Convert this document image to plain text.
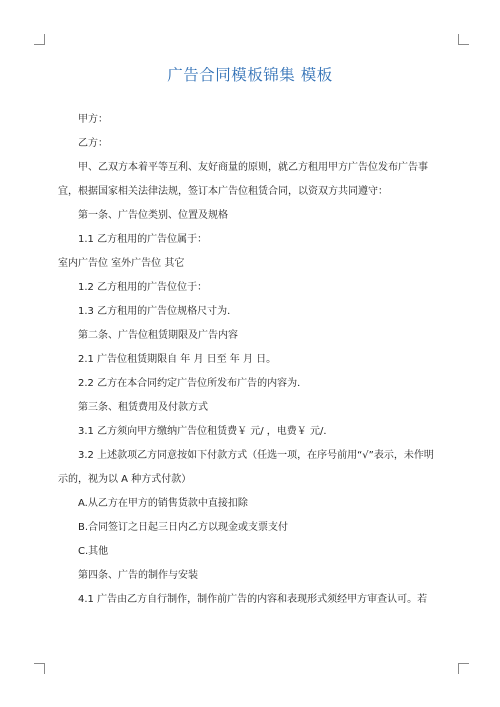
广告合同模板锦集 模板
甲方：
乙方：
甲、乙双方本着平等互利、友好商量的原则，就乙方租用甲方广告位发布广告事
宜，根据国家相关法律法规，签订本广告位租赁合同，以资双方共同遵守：
第一条、广告位类别、位置及规格
1.1 乙方租用的广告位属于：
室内广告位 室外广告位 其它
1.2 乙方租用的广告位位于：
1.3 乙方租用的广告位规格尺寸为．
第二条、广告位租赁期限及广告内容
2.1 广告位租赁期限自 年 月 日至 年 月 日。
2.2 乙方在本合同约定广告位所发布广告的内容为．
第三条、租赁费用及付款方式
3.1 乙方须向甲方缴纳广告位租赁费￥ 元/ ，电费￥ 元/．
3.2 上述款项乙方同意按如下付款方式（任选一项，在序号前用“√”表示，未作明
示的，视为以 A 种方式付款）
A.从乙方在甲方的销售货款中直接扣除
B.合同签订之日起三日内乙方以现金或支票支付
C.其他
第四条、广告的制作与安装
4.1 广告由乙方自行制作，制作前广告的内容和表现形式须经甲方审查认可。若
